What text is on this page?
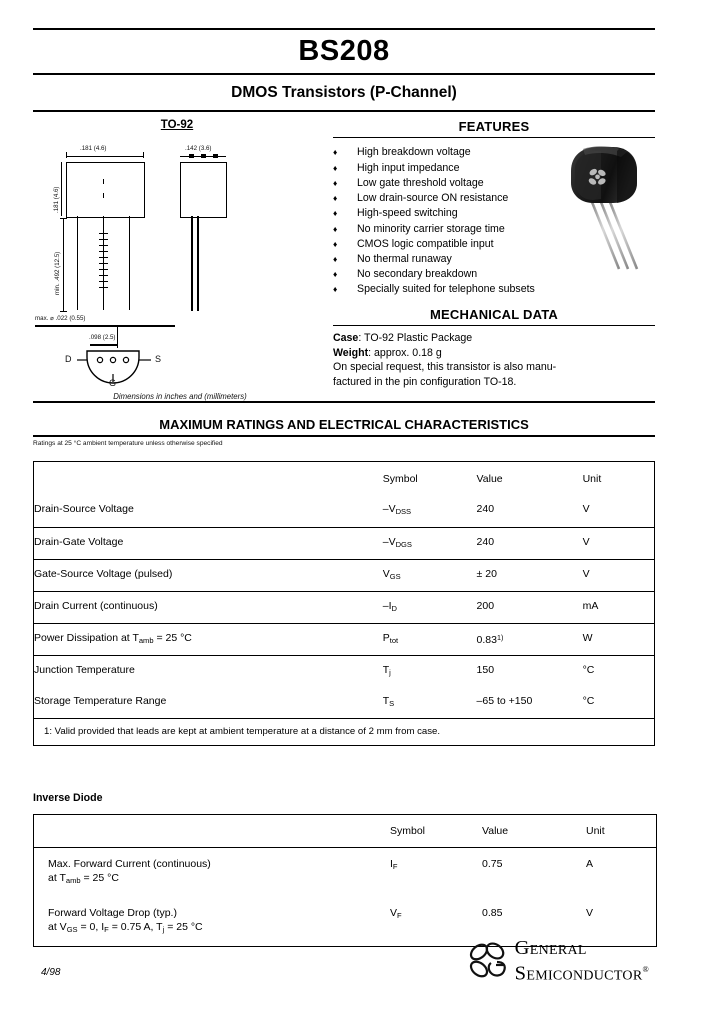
BS208
DMOS Transistors (P-Channel)
TO-92
.181 (4.6)
.181 (4.6)
min. .492 (12.5)
max. ⌀ .022 (0.55)
.098 (2.5)
.142 (3.6)
D	S
G
Dimensions in inches and (millimeters)
FEATURES
♦	High breakdown voltage
♦	High input impedance
♦	Low gate threshold voltage
♦	Low drain-source ON resistance
♦	High-speed switching
♦	No minority carrier storage time
♦	CMOS logic compatible input
♦	No thermal runaway
♦	No secondary breakdown
♦	Specially suited for telephone subsets
MECHANICAL DATA
Case: TO-92 Plastic Package
Weight: approx. 0.18 g
On special request, this transistor is also manu-
factured in the pin configuration TO-18.
MAXIMUM RATINGS AND ELECTRICAL CHARACTERISTICS
Ratings at 25 °C ambient temperature unless otherwise specified
	Symbol	Value	Unit
Drain-Source Voltage	$-V_{DSS}$	240	V
Drain-Gate Voltage	$-V_{DGS}$	240	V
Gate-Source Voltage (pulsed)	$V_{GS}$	± 20	V
Drain Current (continuous)	$-I_D$	200	mA
Power Dissipation at $T_{amb} = 25$ °C	$P_{tot}$	0.83$^{1)}$	W
Junction Temperature	$T_j$	150	°C
Storage Temperature Range	$T_S$	–65 to +150	°C
1: Valid provided that leads are kept at ambient temperature at a distance of 2 mm from case.			
Inverse Diode
	Symbol	Value	Unit

Max. Forward Current (continuous)
at $T_{amb} = 25$ °C	$I_F$	0.75	A

Forward Voltage Drop (typ.)
at $V_{GS} = 0$, $I_F = 0.75$ A, $T_j = 25$ °C	$V_F$	0.85	V
4/98
General
Semiconductor®
